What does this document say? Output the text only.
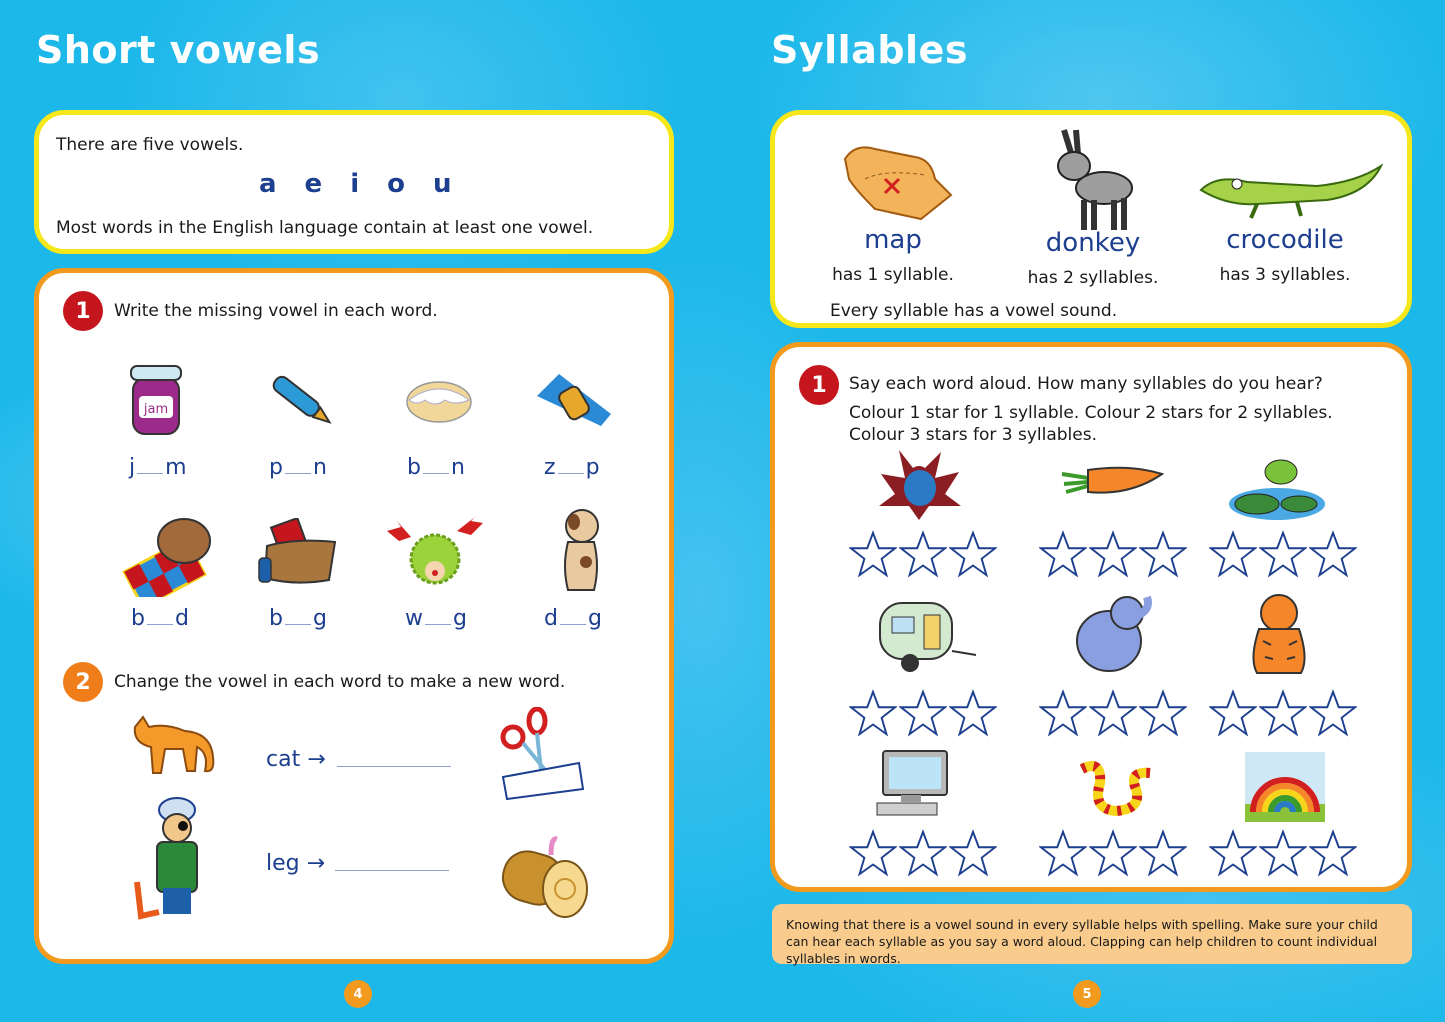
Short vowels
There are five vowels.
a e i o u
Most words in the English language contain at least one vowel.
1	Write the missing vowel in each word.
jam
j m	p n	b n	z p
b d	b g	w g	d g
2	Change the vowel in each word to make a new word.
cat →
leg →
4
Syllables
map	donkey	crocodile
has 1 syllable.	has 2 syllables.	has 3 syllables.
Every syllable has a vowel sound.
1	Say each word aloud. How many syllables do you hear?
Colour 1 star for 1 syllable. Colour 2 stars for 2 syllables.
Colour 3 stars for 3 syllables.
Knowing that there is a vowel sound in every syllable helps with spelling. Make sure your child can hear each syllable as you say a word aloud. Clapping can help children to count individual syllables in words.
5
